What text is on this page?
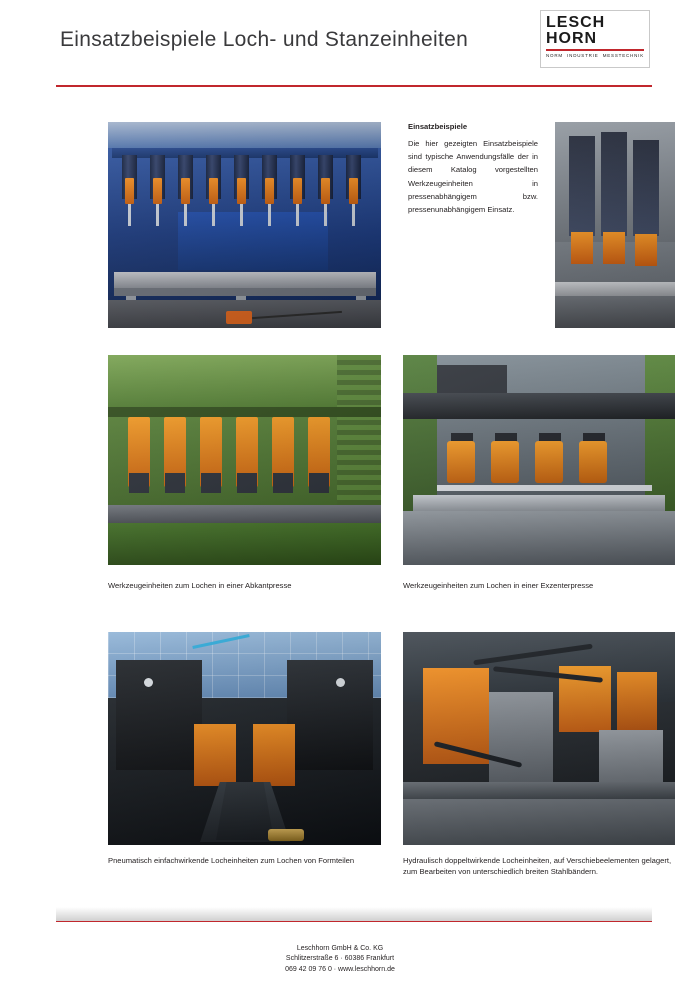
Einsatzbeispiele Loch- und Stanzeinheiten
LESCH
HORN
NORM INDUSTRIE MESSTECHNIK
Einsatzbeispiele
Die hier gezeigten Einsatzbeispiele sind typische Anwendungsfälle der in diesem Katalog vorgestellten Werkzeugeinheiten in pressenabhängigem bzw. pressenunabhängigem Einsatz.
Werkzeugeinheiten zum Lochen in einer Abkantpresse	Werkzeugeinheiten zum Lochen in einer Exzenterpresse
Pneumatisch einfachwirkende Locheinheiten zum Lochen von Formteilen	Hydraulisch doppeltwirkende Locheinheiten, auf Verschiebeelementen gelagert, zum Bearbeiten von unterschiedlich breiten Stahlbändern.
Leschhorn GmbH & Co. KG
Schlitzerstraße 6 · 60386 Frankfurt
069 42 09 76 0 · www.leschhorn.de
